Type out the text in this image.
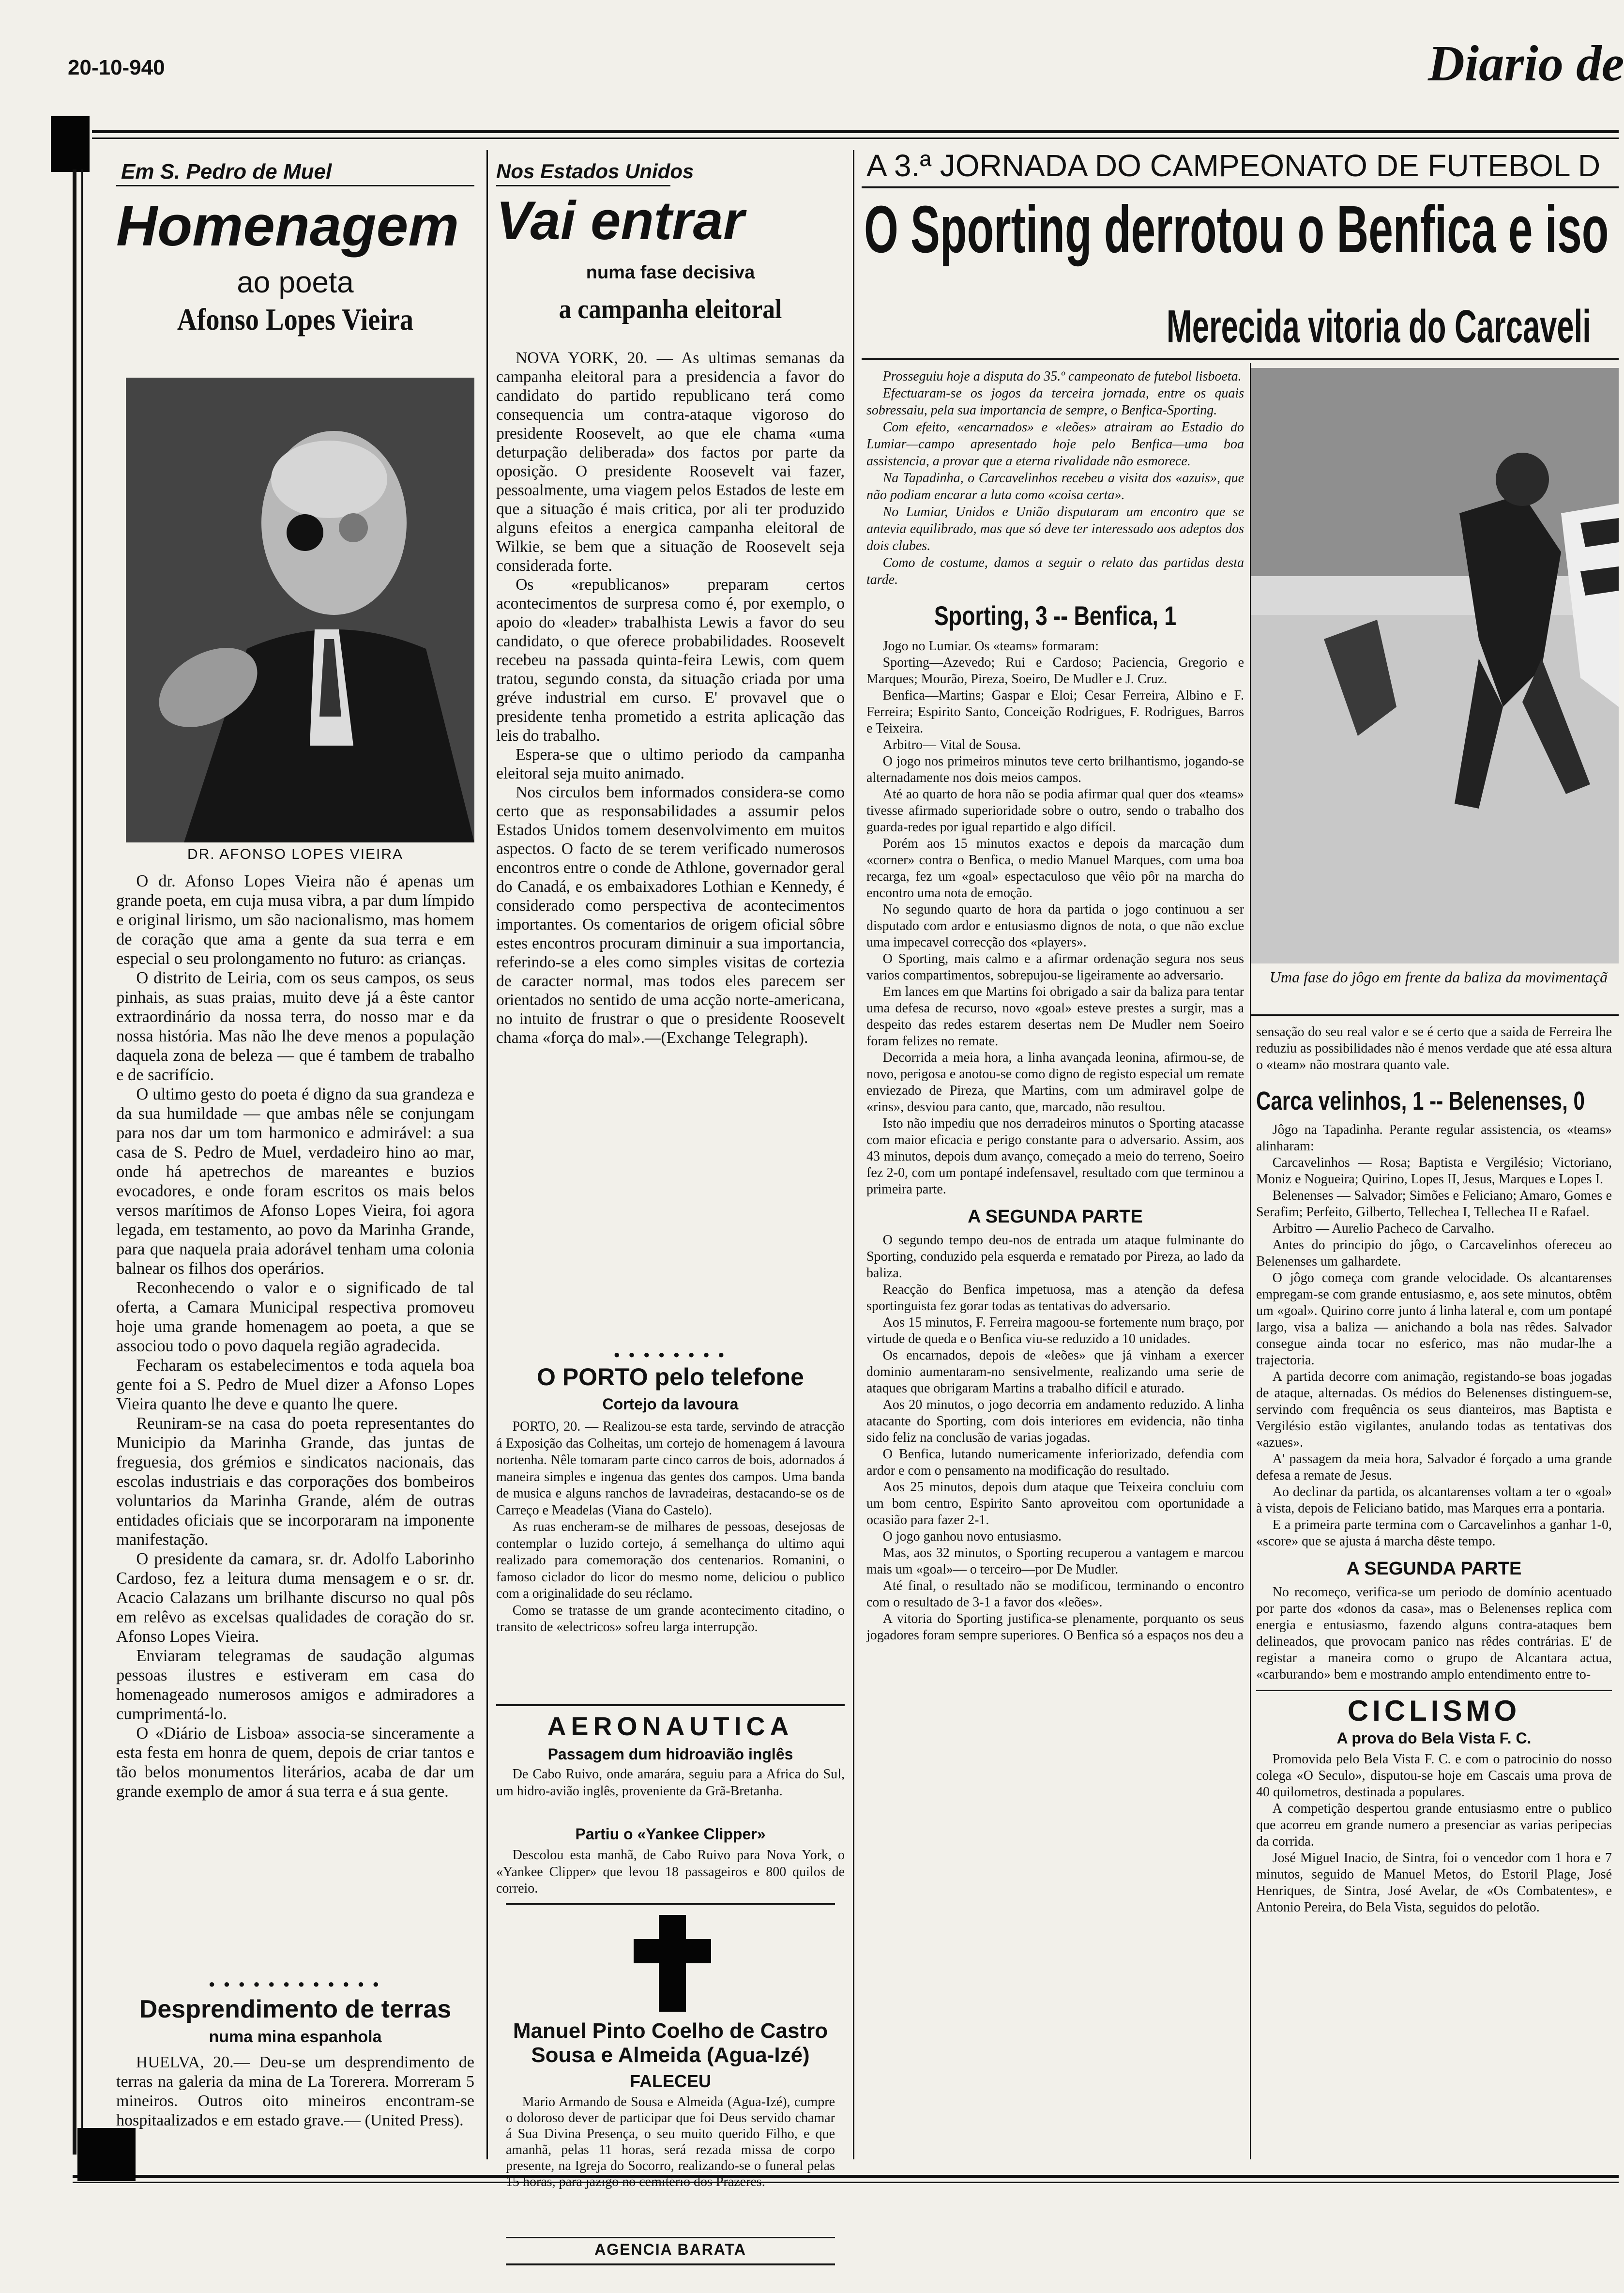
20-10-940	Diario de
Em S. Pedro de Muel
Homenagem
ao poeta
Afonso Lopes Vieira
DR. AFONSO LOPES VIEIRA

O dr. Afonso Lopes Vieira não é apenas um grande poeta, em cuja musa vibra, a par dum límpido e original lirismo, um são nacionalismo, mas homem de coração que ama a gente da sua terra e em especial o seu prolongamento no futuro: as crianças.

O distrito de Leiria, com os seus campos, os seus pinhais, as suas praias, muito deve já a êste cantor extraordinário da nossa terra, do nosso mar e da nossa história. Mas não lhe deve menos a população daquela zona de beleza — que é tambem de trabalho e de sacrifício.

O ultimo gesto do poeta é digno da sua grandeza e da sua humildade — que ambas nêle se conjungam para nos dar um tom harmonico e admirável: a sua casa de S. Pedro de Muel, verdadeiro hino ao mar, onde há apetrechos de mareantes e buzios evocadores, e onde foram escritos os mais belos versos marítimos de Afonso Lopes Vieira, foi agora legada, em testamento, ao povo da Marinha Grande, para que naquela praia adorável tenham uma colonia balnear os filhos dos operários.

Reconhecendo o valor e o significado de tal oferta, a Camara Municipal respectiva promoveu hoje uma grande homenagem ao poeta, a que se associou todo o povo daquela região agradecida.

Fecharam os estabelecimentos e toda aquela boa gente foi a S. Pedro de Muel dizer a Afonso Lopes Vieira quanto lhe deve e quanto lhe quere.

Reuniram-se na casa do poeta representantes do Municipio da Marinha Grande, das juntas de freguesia, dos grémios e sindicatos nacionais, das escolas industriais e das corporações dos bombeiros voluntarios da Marinha Grande, além de outras entidades oficiais que se incorporaram na imponente manifestação.

O presidente da camara, sr. dr. Adolfo Laborinho Cardoso, fez a leitura duma mensagem e o sr. dr. Acacio Calazans um brilhante discurso no qual pôs em relêvo as excelsas qualidades de coração do sr. Afonso Lopes Vieira.

Enviaram telegramas de saudação algumas pessoas ilustres e estiveram em casa do homenageado numerosos amigos e admiradores a cumprimentá-lo.

O «Diário de Lisboa» associa-se sinceramente a esta festa em honra de quem, depois de criar tantos e tão belos monumentos literários, acaba de dar um grande exemplo de amor á sua terra e á sua gente.

● ● ● ● ● ● ● ● ● ● ● ●
Desprendimento de terras
numa mina espanhola
HUELVA, 20.— Deu-se um desprendimento de terras na galeria da mina de La Torerera. Morreram 5 mineiros. Outros oito mineiros encontram-se hospitaalizados e em estado grave.— (United Press).
Nos Estados Unidos
Vai entrar
numa fase decisiva
a campanha eleitoral

NOVA YORK, 20. — As ultimas semanas da campanha eleitoral para a presidencia a favor do candidato do partido republicano terá como consequencia um contra-ataque vigoroso do presidente Roosevelt, ao que ele chama «uma deturpação deliberada» dos factos por parte da oposição. O presidente Roosevelt vai fazer, pessoalmente, uma viagem pelos Estados de leste em que a situação é mais critica, por ali ter produzido alguns efeitos a energica campanha eleitoral de Wilkie, se bem que a situação de Roosevelt seja considerada forte.

Os «republicanos» preparam certos acontecimentos de surpresa como é, por exemplo, o apoio do «leader» trabalhista Lewis a favor do seu candidato, o que oferece probabilidades. Roosevelt recebeu na passada quinta-feira Lewis, com quem tratou, segundo consta, da situação criada por uma gréve industrial em curso. E' provavel que o presidente tenha prometido a estrita aplicação das leis do trabalho.

Espera-se que o ultimo periodo da campanha eleitoral seja muito animado.

Nos circulos bem informados considera-se como certo que as responsabilidades a assumir pelos Estados Unidos tomem desenvolvimento em muitos aspectos. O facto de se terem verificado numerosos encontros entre o conde de Athlone, governador geral do Canadá, e os embaixadores Lothian e Kennedy, é considerado como perspectiva de acontecimentos importantes. Os comentarios de origem oficial sôbre estes encontros procuram diminuir a sua importancia, referindo-se a eles como simples visitas de cortezia de caracter normal, mas todos eles parecem ser orientados no sentido de uma acção norte-americana, no intuito de frustrar o que o presidente Roosevelt chama «força do mal».—(Exchange Telegraph).

● ● ● ● ● ● ● ●
O PORTO pelo telefone
Cortejo da lavoura

PORTO, 20. — Realizou-se esta tarde, servindo de atracção á Exposição das Colheitas, um cortejo de homenagem á lavoura nortenha. Nêle tomaram parte cinco carros de bois, adornados á maneira simples e ingenua das gentes dos campos. Uma banda de musica e alguns ranchos de lavradeiras, destacando-se os de Carreço e Meadelas (Viana do Castelo).

As ruas encheram-se de milhares de pessoas, desejosas de contemplar o luzido cortejo, á semelhança do ultimo aqui realizado para comemoração dos centenarios. Romanini, o famoso ciclador do licor do mesmo nome, deliciou o publico com a originalidade do seu réclamo.

Como se tratasse de um grande acontecimento citadino, o transito de «electricos» sofreu larga interrupção.

AERONAUTICA
Passagem dum hidroavião inglês
De Cabo Ruivo, onde amarára, seguiu para a Africa do Sul, um hidro-avião inglês, proveniente da Grã-Bretanha.
Partiu o «Yankee Clipper»
Descolou esta manhã, de Cabo Ruivo para Nova York, o «Yankee Clipper» que levou 18 passageiros e 800 quilos de correio.
Manuel Pinto Coelho de Castro Sousa e Almeida (Agua-Izé)
FALECEU
Mario Armando de Sousa e Almeida (Agua-Izé), cumpre o doloroso dever de participar que foi Deus servido chamar á Sua Divina Presença, o seu muito querido Filho, e que amanhã, pelas 11 horas, será rezada missa de corpo presente, na Igreja do Socorro, realizando-se o funeral pelas 15 horas, para jazigo no cemitério dos Prazeres.
AGENCIA BARATA
A 3.ª JORNADA DO CAMPEONATO DE FUTEBOL D
O Sporting derrotou o Benfica e iso
Merecida vitoria do Carcaveli

Prosseguiu hoje a disputa do 35.º campeonato de futebol lisboeta.

Efectuaram-se os jogos da terceira jornada, entre os quais sobressaiu, pela sua importancia de sempre, o Benfica-Sporting.

Com efeito, «encarnados» e «leões» atrairam ao Estadio do Lumiar—campo apresentado hoje pelo Benfica—uma boa assistencia, a provar que a eterna rivalidade não esmorece.

Na Tapadinha, o Carcavelinhos recebeu a visita dos «azuis», que não podiam encarar a luta como «coisa certa».

No Lumiar, Unidos e União disputaram um encontro que se antevia equilibrado, mas que só deve ter interessado aos adeptos dos dois clubes.

Como de costume, damos a seguir o relato das partidas desta tarde.

Sporting, 3 -- Benfica, 1

Jogo no Lumiar. Os «teams» formaram:

Sporting—Azevedo; Rui e Cardoso; Paciencia, Gregorio e Marques; Mourão, Pireza, Soeiro, De Mudler e J. Cruz.

Benfica—Martins; Gaspar e Eloi; Cesar Ferreira, Albino e F. Ferreira; Espirito Santo, Conceição Rodrigues, F. Rodrigues, Barros e Teixeira.

Arbitro— Vital de Sousa.

O jogo nos primeiros minutos teve certo brilhantismo, jogando-se alternadamente nos dois meios campos.

Até ao quarto de hora não se podia afirmar qual quer dos «teams» tivesse afirmado superioridade sobre o outro, sendo o trabalho dos guarda-redes por igual repartido e algo difícil.

Porém aos 15 minutos exactos e depois da marcação dum «corner» contra o Benfica, o medio Manuel Marques, com uma boa recarga, fez um «goal» espectaculoso que vêio pôr na marcha do encontro uma nota de emoção.

No segundo quarto de hora da partida o jogo continuou a ser disputado com ardor e entusiasmo dignos de nota, o que não exclue uma impecavel correcção dos «players».

O Sporting, mais calmo e a afirmar ordenação segura nos seus varios compartimentos, sobrepujou-se ligeiramente ao adversario.

Em lances em que Martins foi obrigado a sair da baliza para tentar uma defesa de recurso, novo «goal» esteve prestes a surgir, mas a despeito das redes estarem desertas nem De Mudler nem Soeiro foram felizes no remate.

Decorrida a meia hora, a linha avançada leonina, afirmou-se, de novo, perigosa e anotou-se como digno de registo especial um remate enviezado de Pireza, que Martins, com um admiravel golpe de «rins», desviou para canto, que, marcado, não resultou.

Isto não impediu que nos derradeiros minutos o Sporting atacasse com maior eficacia e perigo constante para o adversario. Assim, aos 43 minutos, depois dum avanço, começado a meio do terreno, Soeiro fez 2-0, com um pontapé indefensavel, resultado com que terminou a primeira parte.

A SEGUNDA PARTE

O segundo tempo deu-nos de entrada um ataque fulminante do Sporting, conduzido pela esquerda e rematado por Pireza, ao lado da baliza.

Reacção do Benfica impetuosa, mas a atenção da defesa sportinguista fez gorar todas as tentativas do adversario.

Aos 15 minutos, F. Ferreira magoou-se fortemente num braço, por virtude de queda e o Benfica viu-se reduzido a 10 unidades.

Os encarnados, depois de «leões» que já vinham a exercer dominio aumentaram-no sensivelmente, realizando uma serie de ataques que obrigaram Martins a trabalho difícil e aturado.

Aos 20 minutos, o jogo decorria em andamento reduzido. A linha atacante do Sporting, com dois interiores em evidencia, não tinha sido feliz na conclusão de varias jogadas.

O Benfica, lutando numericamente inferiorizado, defendia com ardor e com o pensamento na modificação do resultado.

Aos 25 minutos, depois dum ataque que Teixeira concluiu com um bom centro, Espirito Santo aproveitou com oportunidade a ocasião para fazer 2-1.

O jogo ganhou novo entusiasmo.

Mas, aos 32 minutos, o Sporting recuperou a vantagem e marcou mais um «goal»— o terceiro—por De Mudler.

Até final, o resultado não se modificou, terminando o encontro com o resultado de 3-1 a favor dos «leões».

A vitoria do Sporting justifica-se plenamente, porquanto os seus jogadores foram sempre superiores. O Benfica só a espaços nos deu a

Uma fase do jôgo em frente da baliza da movimentaçã

sensação do seu real valor e se é certo que a saida de Ferreira lhe reduziu as possibilidades não é menos verdade que até essa altura o «team» não mostrara quanto vale.

Carca velinhos, 1 -- Belenenses, 0

Jôgo na Tapadinha. Perante regular assistencia, os «teams» alinharam:

Carcavelinhos — Rosa; Baptista e Vergilésio; Victoriano, Moniz e Nogueira; Quirino, Lopes II, Jesus, Marques e Lopes I.

Belenenses — Salvador; Simões e Feliciano; Amaro, Gomes e Serafim; Perfeito, Gilberto, Tellechea I, Tellechea II e Rafael.

Arbitro — Aurelio Pacheco de Carvalho.

Antes do principio do jôgo, o Carcavelinhos ofereceu ao Belenenses um galhardete.

O jôgo começa com grande velocidade. Os alcantarenses empregam-se com grande entusiasmo, e, aos sete minutos, obtêm um «goal». Quirino corre junto á linha lateral e, com um pontapé largo, visa a baliza — anichando a bola nas rêdes. Salvador consegue ainda tocar no esferico, mas não mudar-lhe a trajectoria.

A partida decorre com animação, registando-se boas jogadas de ataque, alternadas. Os médios do Belenenses distinguem-se, servindo com frequência os seus dianteiros, mas Baptista e Vergilésio estão vigilantes, anulando todas as tentativas dos «azues».

A' passagem da meia hora, Salvador é forçado a uma grande defesa a remate de Jesus.

Ao declinar da partida, os alcantarenses voltam a ter o «goal» à vista, depois de Feliciano batido, mas Marques erra a pontaria.

E a primeira parte termina com o Carcavelinhos a ganhar 1-0, «score» que se ajusta á marcha dêste tempo.

A SEGUNDA PARTE

No recomeço, verifica-se um periodo de domínio acentuado por parte dos «donos da casa», mas o Belenenses replica com energia e entusiasmo, fazendo alguns contra-ataques bem delineados, que provocam panico nas rêdes contrárias. E' de registar a maneira como o grupo de Alcantara actua, «carburando» bem e mostrando amplo entendimento entre to-

CICLISMO
A prova do Bela Vista F. C.

Promovida pelo Bela Vista F. C. e com o patrocinio do nosso colega «O Seculo», disputou-se hoje em Cascais uma prova de 40 quilometros, destinada a populares.

A competição despertou grande entusiasmo entre o publico que acorreu em grande numero a presenciar as varias peripecias da corrida.

José Miguel Inacio, de Sintra, foi o vencedor com 1 hora e 7 minutos, seguido de Manuel Metos, do Estoril Plage, José Henriques, de Sintra, José Avelar, de «Os Combatentes», e Antonio Pereira, do Bela Vista, seguidos do pelotão.
